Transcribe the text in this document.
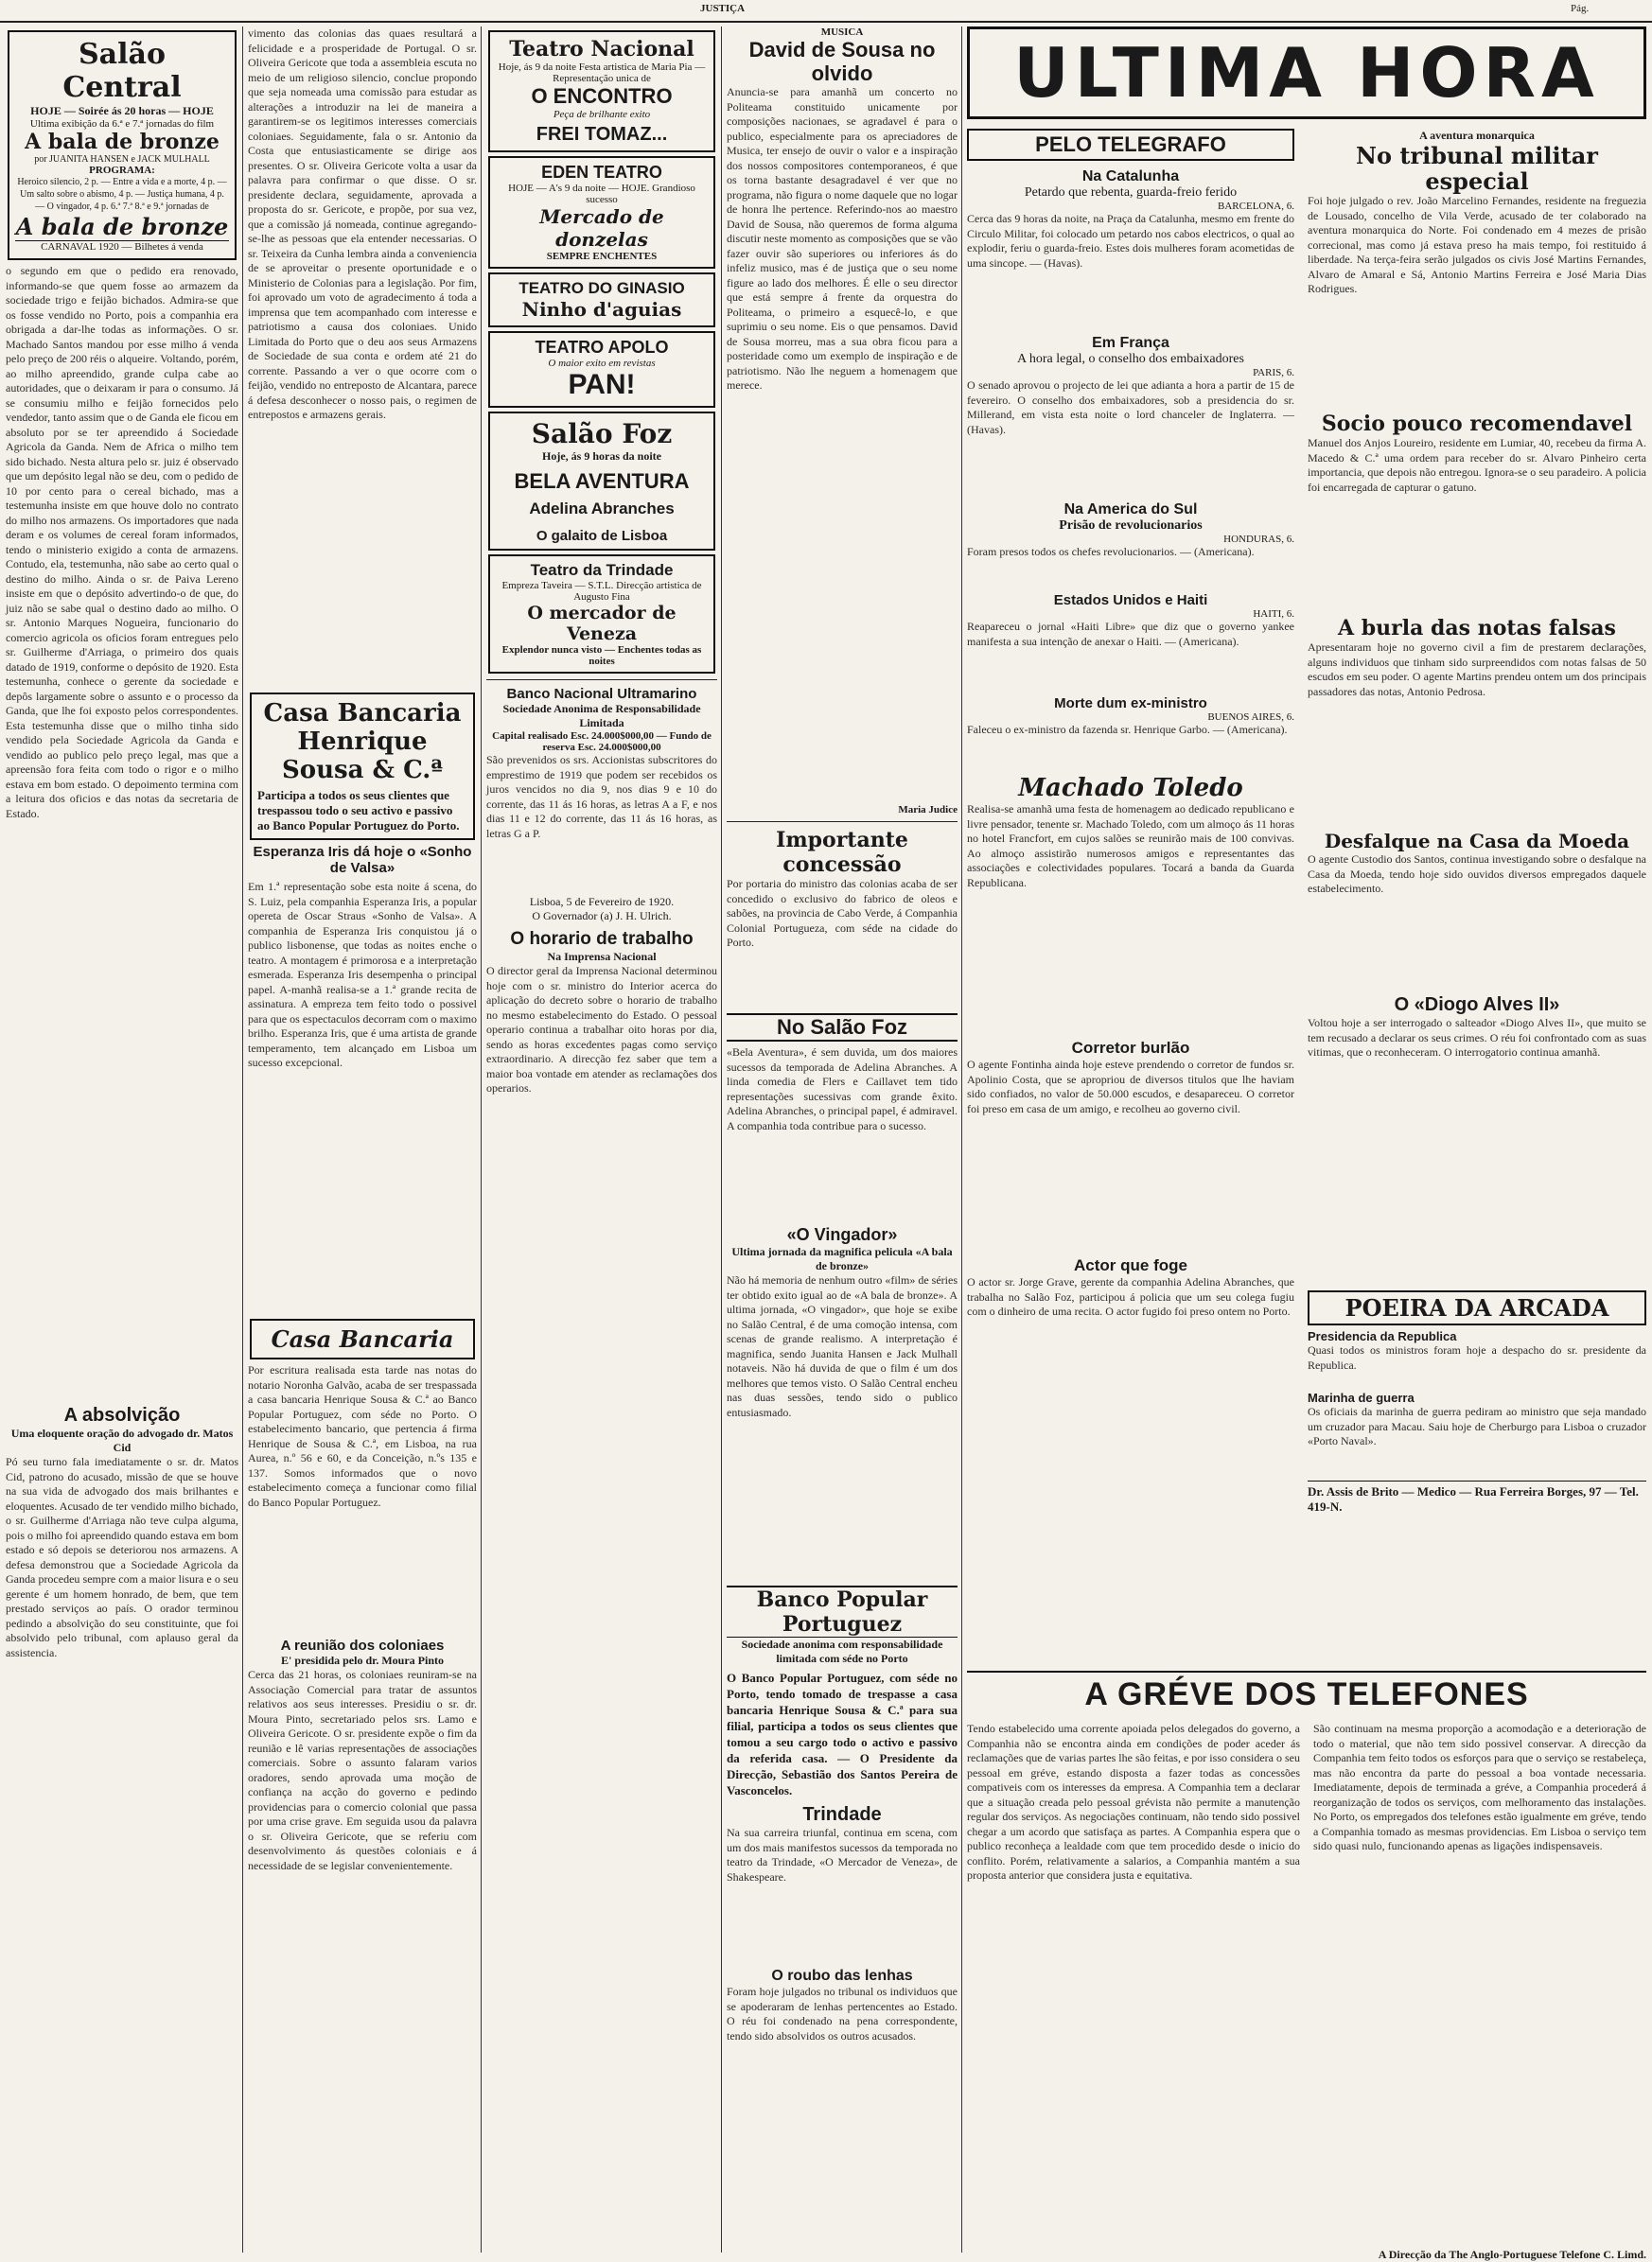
JUSTIÇA	Pág.
Salão Central
HOJE — Soirée ás 20 horas — HOJE
Ultima exibição da 6.ª e 7.ª jornadas do film
A bala de bronze
por JUANITA HANSEN e JACK MULHALL
PROGRAMA:
Heroico silencio, 2 p. — Entre a vida e a morte, 4 p. — Um salto sobre o abismo, 4 p. — Justiça humana, 4 p. — O vingador, 4 p. 6.ª 7.ª 8.ª e 9.ª jornadas de
A bala de bronze
CARNAVAL 1920 — Bilhetes á venda
o segundo em que o pedido era renovado, informando-se que quem fosse ao armazem da sociedade trigo e feijão bichados. Admira-se que os fosse vendido no Porto, pois a companhia era obrigada a dar-lhe todas as informações. O sr. Machado Santos mandou por esse milho á venda pelo preço de 200 réis o alqueire. Voltando, porém, ao milho apreendido, grande culpa cabe ao autoridades, que o deixaram ir para o consumo. Já se consumiu milho e feijão fornecidos pelo vendedor, tanto assim que o de Ganda ele ficou em absoluto por se ter apreendido á Sociedade Agricola da Ganda. Nem de Africa o milho tem sido bichado. Nesta altura pelo sr. juiz é observado que um depósito legal não se deu, com o pedido de 10 por cento para o cereal bichado, mas a testemunha insiste em que houve dolo no contrato do milho nos armazens. Os importadores que nada deram e os volumes de cereal foram informados, tendo o ministerio exigido a conta de armazens. Contudo, ela, testemunha, não sabe ao certo qual o destino do milho. Ainda o sr. de Paiva Lereno insiste em que o depósito advertindo-o de que, do juiz não se sabe qual o destino dado ao milho. O sr. Antonio Marques Nogueira, funcionario do comercio agricola os oficios foram entregues pelo sr. Guilherme d'Arriaga, o primeiro dos quais datado de 1919, conforme o depósito de 1920. Esta testemunha, conhece o gerente da sociedade e depôs largamente sobre o assunto e o processo da Ganda, que lhe foi exposto pelos correspondentes. Esta testemunha disse que o milho tinha sido vendido pela Sociedade Agricola da Ganda e vendido ao publico pelo preço legal, mas que a apreensão fora feita com todo o rigor e o milho estava em bom estado. O depoimento termina com a leitura dos oficios e das notas da secretaria de Estado.
A absolvição
Uma eloquente oração do advogado dr. Matos Cid
Pó seu turno fala imediatamente o sr. dr. Matos Cid, patrono do acusado, missão de que se houve na sua vida de advogado dos mais brilhantes e eloquentes. Acusado de ter vendido milho bichado, o sr. Guilherme d'Arriaga não teve culpa alguma, pois o milho foi apreendido quando estava em bom estado e só depois se deteriorou nos armazens. A defesa demonstrou que a Sociedade Agricola da Ganda procedeu sempre com a maior lisura e o seu gerente é um homem honrado, de bem, que tem prestado serviços ao país. O orador terminou pedindo a absolvição do seu constituinte, que foi absolvido pelo tribunal, com aplauso geral da assistencia.
vimento das colonias das quaes resultará a felicidade e a prosperidade de Portugal. O sr. Oliveira Gericote que toda a assembleia escuta no meio de um religioso silencio, conclue propondo que seja nomeada uma comissão para estudar as alterações a introduzir na lei de maneira a garantirem-se os legitimos interesses comerciais coloniaes. Seguidamente, fala o sr. Antonio da Costa que entusiasticamente se dirige aos presentes. O sr. Oliveira Gericote volta a usar da palavra para confirmar o que disse. O sr. presidente declara, seguidamente, aprovada a proposta do sr. Gericote, e propõe, por sua vez, que a comissão já nomeada, continue agregando-se-lhe as pessoas que ela entender necessarias. O sr. Teixeira da Cunha lembra ainda a conveniencia de se aproveitar o presente oportunidade e o Ministerio de Colonias para a legislação. Por fim, foi aprovado um voto de agradecimento á toda a imprensa que tem acompanhado com interesse e patriotismo a causa dos coloniaes. Unido Limitada do Porto que o deu aos seus Armazens de Sociedade de sua conta e ordem até 21 do corrente. Passando a ver o que ocorre com o feijão, vendido no entreposto de Alcantara, parece á defesa desconhecer o nosso pais, o regimen de entrepostos e armazens gerais.
Casa Bancaria Henrique Sousa & C.ª
Participa a todos os seus clientes que trespassou todo o seu activo e passivo ao Banco Popular Portuguez do Porto.
Esperanza Iris dá hoje o «Sonho de Valsa»
Em 1.ª representação sobe esta noite á scena, do S. Luiz, pela companhia Esperanza Iris, a popular opereta de Oscar Straus «Sonho de Valsa». A companhia de Esperanza Iris conquistou já o publico lisbonense, que todas as noites enche o teatro. A montagem é primorosa e a interpretação esmerada. Esperanza Iris desempenha o principal papel. A-manhã realisa-se a 1.ª grande recita de assinatura. A empreza tem feito todo o possivel para que os espectaculos decorram com o maximo brilho. Esperanza Iris, que é uma artista de grande temperamento, tem alcançado em Lisboa um sucesso excepcional.
Casa Bancaria
Por escritura realisada esta tarde nas notas do notario Noronha Galvão, acaba de ser trespassada a casa bancaria Henrique Sousa & C.ª ao Banco Popular Portuguez, com séde no Porto. O estabelecimento bancario, que pertencia á firma Henrique de Sousa & C.ª, em Lisboa, na rua Aurea, n.º 56 e 60, e da Conceição, n.ºs 135 e 137. Somos informados que o novo estabelecimento começa a funcionar como filial do Banco Popular Portuguez.
A reunião dos coloniaes
E' presidida pelo dr. Moura Pinto
Cerca das 21 horas, os coloniaes reuniram-se na Associação Comercial para tratar de assuntos relativos aos seus interesses. Presidiu o sr. dr. Moura Pinto, secretariado pelos srs. Lamo e Oliveira Gericote. O sr. presidente expõe o fim da reunião e lê varias representações de associações comerciais. Sobre o assunto falaram varios oradores, sendo aprovada uma moção de confiança na acção do governo e pedindo providencias para o comercio colonial que passa por uma crise grave. Em seguida usou da palavra o sr. Oliveira Gericote, que se referiu com desenvolvimento ás questões coloniais e á necessidade de se legislar convenientemente.
Teatro Nacional
Hoje, ás 9 da noite Festa artistica de Maria Pia — Representação unica de
O ENCONTRO
Peça de brilhante exito
FREI TOMAZ...
EDEN TEATRO
HOJE — A's 9 da noite — HOJE. Grandioso sucesso
Mercado de donzelas
SEMPRE ENCHENTES
TEATRO DO GINASIO
Ninho d'aguias
TEATRO APOLO
O maior exito em revistas
PAN!
Salão Foz
Hoje, ás 9 horas da noite
BELA AVENTURA
Adelina Abranches
O galaito de Lisboa
Teatro da Trindade
Empreza Taveira — S.T.L. Direcção artistica de Augusto Fina
O mercador de Veneza
Explendor nunca visto — Enchentes todas as noites
Banco Nacional Ultramarino
Sociedade Anonima de Responsabilidade Limitada
Capital realisado Esc. 24.000$000,00 — Fundo de reserva Esc. 24.000$000,00
São prevenidos os srs. Accionistas subscritores do emprestimo de 1919 que podem ser recebidos os juros vencidos no dia 9, nos dias 9 e 10 do corrente, das 11 ás 16 horas, as letras A a F, e nos dias 11 e 12 do corrente, das 11 ás 16 horas, as letras G a P.
Lisboa, 5 de Fevereiro de 1920.
O Governador (a) J. H. Ulrich.
O horario de trabalho
Na Imprensa Nacional
O director geral da Imprensa Nacional determinou hoje com o sr. ministro do Interior acerca do aplicação do decreto sobre o horario de trabalho no mesmo estabelecimento do Estado. O pessoal operario continua a trabalhar oito horas por dia, sendo as horas excedentes pagas como serviço extraordinario. A direcção fez saber que tem a maior boa vontade em atender as reclamações dos operarios.
MUSICA
David de Sousa no olvido
Anuncia-se para amanhã um concerto no Politeama constituido unicamente por composições nacionaes, se agradavel é para o publico, especialmente para os apreciadores de Musica, ter ensejo de ouvir o valor e a inspiração dos nossos compositores contemporaneos, é que os torna bastante desagradavel é ver que no programa, não figura o nome daquele que no logar de honra lhe pertence. Referindo-nos ao maestro David de Sousa, não queremos de forma alguma discutir neste momento as composições que se vão fazer ouvir são superiores ou inferiores ás do infeliz musico, mas é de justiça que o seu nome figure ao lado dos melhores. É elle o seu director que está sempre á frente da orquestra do Politeama, o primeiro a esquecê-lo, e que suprimiu o seu nome. Eis o que pensamos. David de Sousa morreu, mas a sua obra ficou para a posteridade como um exemplo de inspiração e de patriotismo. Não lhe neguem a homenagem que merece.
Maria Judice
Importante concessão
Por portaria do ministro das colonias acaba de ser concedido o exclusivo do fabrico de oleos e sabões, na provincia de Cabo Verde, á Companhia Colonial Portugueza, com séde na cidade do Porto.
No Salão Foz
«Bela Aventura», é sem duvida, um dos maiores sucessos da temporada de Adelina Abranches. A linda comedia de Flers e Caillavet tem tido representações sucessivas com grande êxito. Adelina Abranches, o principal papel, é admiravel. A companhia toda contribue para o sucesso.
«O Vingador»
Ultima jornada da magnifica pelicula «A bala de bronze»
Não há memoria de nenhum outro «film» de séries ter obtido exito igual ao de «A bala de bronze». A ultima jornada, «O vingador», que hoje se exibe no Salão Central, é de uma comoção intensa, com scenas de grande realismo. A interpretação é magnifica, sendo Juanita Hansen e Jack Mulhall notaveis. Não há duvida de que o film é um dos melhores que temos visto. O Salão Central encheu nas duas sessões, tendo sido o publico entusiasmado.
Banco Popular Portuguez
Sociedade anonima com responsabilidade limitada com séde no Porto
O Banco Popular Portuguez, com séde no Porto, tendo tomado de trespasse a casa bancaria Henrique Sousa & C.ª para sua filial, participa a todos os seus clientes que tomou a seu cargo todo o activo e passivo da referida casa. — O Presidente da Direcção, Sebastião dos Santos Pereira de Vasconcelos.
Trindade
Na sua carreira triunfal, continua em scena, com um dos mais manifestos sucessos da temporada no teatro da Trindade, «O Mercador de Veneza», de Shakespeare.
O roubo das lenhas
Foram hoje julgados no tribunal os individuos que se apoderaram de lenhas pertencentes ao Estado. O réu foi condenado na pena correspondente, tendo sido absolvidos os outros acusados.
ULTIMA HORA
PELO TELEGRAFO
Na Catalunha
Petardo que rebenta, guarda-freio ferido
BARCELONA, 6.
Cerca das 9 horas da noite, na Praça da Catalunha, mesmo em frente do Circulo Militar, foi colocado um petardo nos cabos electricos, o qual ao explodir, feriu o guarda-freio. Estes dois mulheres foram acometidas de uma sincope. — (Havas).
Em França
A hora legal, o conselho dos embaixadores
PARIS, 6.
O senado aprovou o projecto de lei que adianta a hora a partir de 15 de fevereiro. O conselho dos embaixadores, sob a presidencia do sr. Millerand, em vista esta noite o lord chanceler de Inglaterra. — (Havas).
Na America do Sul
Prisão de revolucionarios
HONDURAS, 6.
Foram presos todos os chefes revolucionarios. — (Americana).
Estados Unidos e Haiti
HAITI, 6.
Reapareceu o jornal «Haiti Libre» que diz que o governo yankee manifesta a sua intenção de anexar o Haiti. — (Americana).
Morte dum ex-ministro
BUENOS AIRES, 6.
Faleceu o ex-ministro da fazenda sr. Henrique Garbo. — (Americana).
Machado Toledo
Realisa-se amanhã uma festa de homenagem ao dedicado republicano e livre pensador, tenente sr. Machado Toledo, com um almoço ás 11 horas no hotel Francfort, em cujos salões se reunirão mais de 100 convivas. Ao almoço assistirão numerosos amigos e representantes das associações e colectividades populares. Tocará a banda da Guarda Republicana.
Corretor burlão
O agente Fontinha ainda hoje esteve prendendo o corretor de fundos sr. Apolinio Costa, que se apropriou de diversos titulos que lhe haviam sido confiados, no valor de 50.000 escudos, e desapareceu. O corretor foi preso em casa de um amigo, e recolheu ao governo civil.
Actor que foge
O actor sr. Jorge Grave, gerente da companhia Adelina Abranches, que trabalha no Salão Foz, participou á policia que um seu colega fugiu com o dinheiro de uma recita. O actor fugido foi preso ontem no Porto.
A aventura monarquica
No tribunal militar especial
Foi hoje julgado o rev. João Marcelino Fernandes, residente na freguezia de Lousado, concelho de Vila Verde, acusado de ter colaborado na aventura monarquica do Norte. Foi condenado em 4 mezes de prisão correcional, mas como já estava preso ha mais tempo, foi restituido á liberdade. Na terça-feira serão julgados os civis José Martins Fernandes, Alvaro de Amaral e Sá, Antonio Martins Ferreira e José Maria Dias Rodrigues.
Socio pouco recomendavel
Manuel dos Anjos Loureiro, residente em Lumiar, 40, recebeu da firma A. Macedo & C.ª uma ordem para receber do sr. Alvaro Pinheiro certa importancia, que depois não entregou. Ignora-se o seu paradeiro. A policia foi encarregada de capturar o gatuno.
A burla das notas falsas
Apresentaram hoje no governo civil a fim de prestarem declarações, alguns individuos que tinham sido surpreendidos com notas falsas de 50 escudos em seu poder. O agente Martins prendeu ontem um dos principais passadores das notas, Antonio Pedrosa.
Desfalque na Casa da Moeda
O agente Custodio dos Santos, continua investigando sobre o desfalque na Casa da Moeda, tendo hoje sido ouvidos diversos empregados daquele estabelecimento.
O «Diogo Alves II»
Voltou hoje a ser interrogado o salteador «Diogo Alves II», que muito se tem recusado a declarar os seus crimes. O réu foi confrontado com as suas vitimas, que o reconheceram. O interrogatorio continua amanhã.
POEIRA DA ARCADA
Presidencia da Republica
Quasi todos os ministros foram hoje a despacho do sr. presidente da Republica.
Marinha de guerra
Os oficiais da marinha de guerra pediram ao ministro que seja mandado um cruzador para Macau. Saiu hoje de Cherburgo para Lisboa o cruzador «Porto Naval».
Dr. Assis de Brito — Medico — Rua Ferreira Borges, 97 — Tel. 419-N.
A GRÉVE DOS TELEFONES
Tendo estabelecido uma corrente apoiada pelos delegados do governo, a Companhia não se encontra ainda em condições de poder aceder ás reclamações que de varias partes lhe são feitas, e por isso considera o seu pessoal em gréve, estando disposta a fazer todas as concessões compativeis com os interesses da empresa. A Companhia tem a declarar que a situação creada pelo pessoal grévista não permite a manutenção regular dos serviços. As negociações continuam, não tendo sido possivel chegar a um acordo que satisfaça as partes. A Companhia espera que o publico reconheça a lealdade com que tem procedido desde o inicio do conflito. Porém, relativamente a salarios, a Companhia mantém a sua proposta anterior que considera justa e equitativa.
São continuam na mesma proporção a acomodação e a deterioração de todo o material, que não tem sido possivel conservar. A direcção da Companhia tem feito todos os esforços para que o serviço se restabeleça, mas não encontra da parte do pessoal a boa vontade necessaria. Imediatamente, depois de terminada a gréve, a Companhia procederá á reorganização de todos os serviços, com melhoramento das instalações. No Porto, os empregados dos telefones estão igualmente em gréve, tendo a Companhia tomado as mesmas providencias. Em Lisboa o serviço tem sido quasi nulo, funcionando apenas as ligações indispensaveis.
A Direcção da The Anglo-Portuguese Telefone C. Limd.
